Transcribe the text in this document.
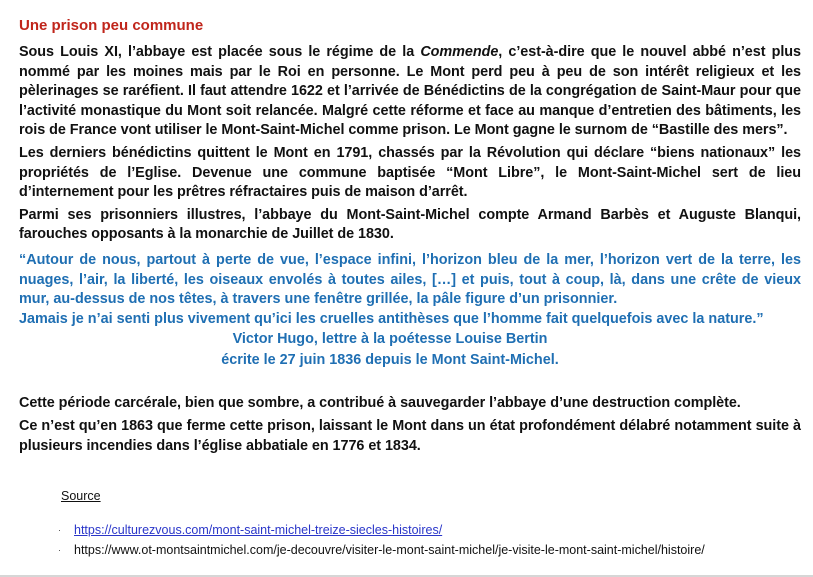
Une prison peu commune

Sous Louis XI, l’abbaye est placée sous le régime de la Commende, c’est-à-dire que le nouvel abbé n’est plus nommé par les moines mais par le Roi en personne. Le Mont perd peu à peu de son intérêt religieux et les pèlerinages se raréfient. Il faut attendre 1622 et l’arrivée de Bénédictins de la congrégation de Saint-Maur pour que l’activité monastique du Mont soit relancée. Malgré cette réforme et face au manque d’entretien des bâtiments, les rois de France vont utiliser le Mont-Saint-Michel comme prison. Le Mont gagne le surnom de “Bastille des mers”.

Les derniers bénédictins quittent le Mont en 1791, chassés par la Révolution qui déclare “biens nationaux” les propriétés de l’Eglise. Devenue une commune baptisée “Mont Libre”, le Mont-Saint-Michel sert de lieu d’internement pour les prêtres réfractaires puis de maison d’arrêt.

Parmi ses prisonniers illustres, l’abbaye du Mont-Saint-Michel compte Armand Barbès et Auguste Blanqui, farouches opposants à la monarchie de Juillet de 1830.

“Autour de nous, partout à perte de vue, l’espace infini, l’horizon bleu de la mer, l’horizon vert de la terre, les nuages, l’air, la liberté, les oiseaux envolés à toutes ailes, […] et puis, tout à coup, là, dans une crête de vieux mur, au-dessus de nos têtes, à travers une fenêtre grillée, la pâle figure d’un prisonnier.

Jamais je n’ai senti plus vivement qu’ici les cruelles antithèses que l’homme fait quelquefois avec la nature.”

Victor Hugo, lettre à la poétesse Louise Bertin

écrite le 27 juin 1836 depuis le Mont Saint-Michel.

Cette période carcérale, bien que sombre, a contribué à sauvegarder l’abbaye d’une destruction complète.

Ce n’est qu’en 1863 que ferme cette prison, laissant le Mont dans un état profondément délabré notamment suite à plusieurs incendies dans l’église abbatiale en 1776 et 1834.

Source
·	https://culturezvous.com/mont-saint-michel-treize-siecles-histoires/
·	https://www.ot-montsaintmichel.com/je-decouvre/visiter-le-mont-saint-michel/je-visite-le-mont-saint-michel/histoire/
